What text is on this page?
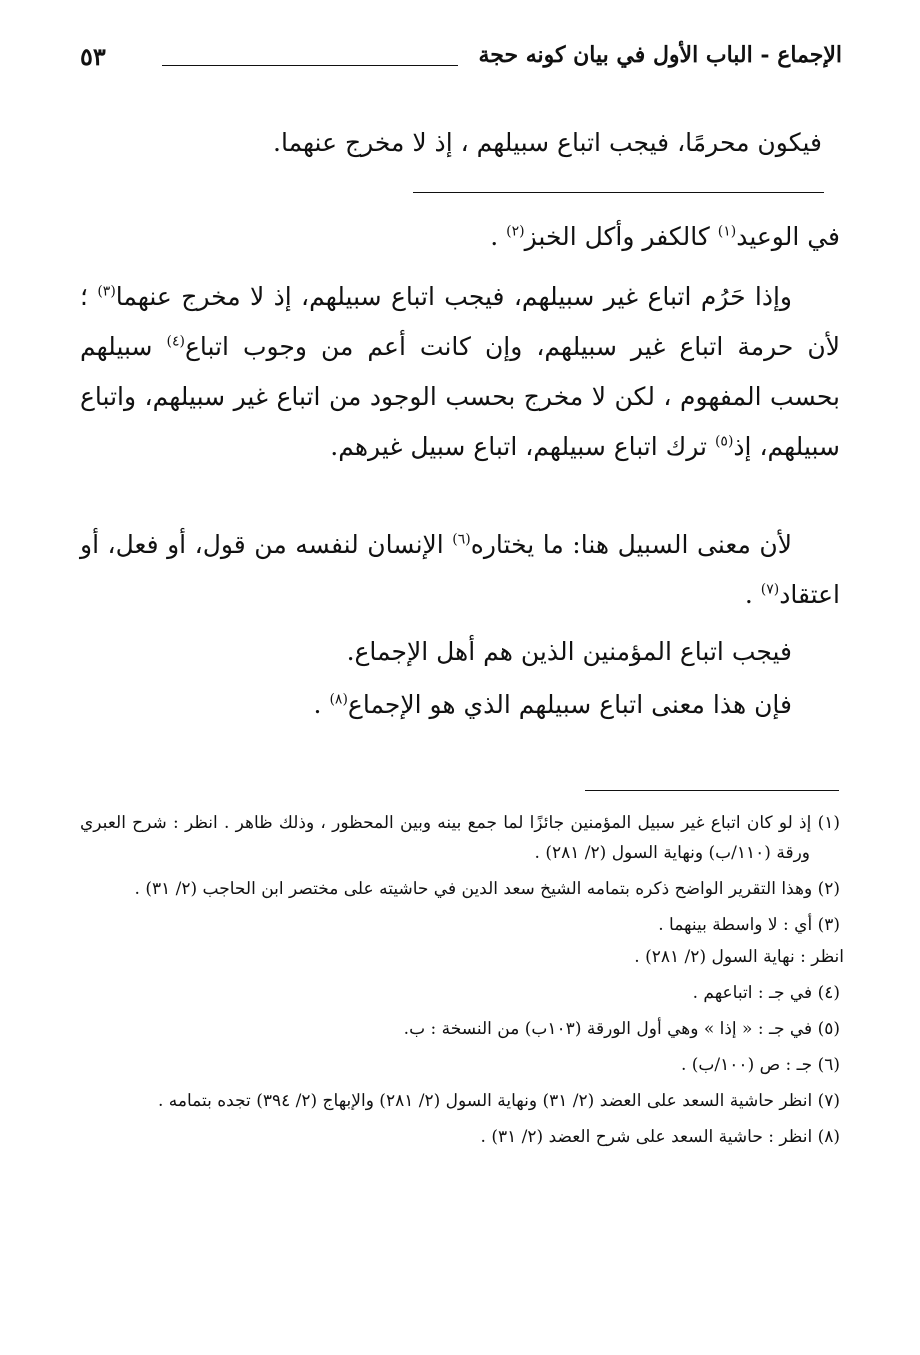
الإجماع - الباب الأول في بيان كونه حجة
٥٣
فيكون محرمًا، فيجب اتباع سبيلهم ، إذ لا مخرج عنهما.
في الوعيد$^{(١)}$ كالكفر وأكل الخبز$^{(٢)}$ .
وإذا حَرُم اتباع غير سبيلهم، فيجب اتباع سبيلهم، إذ لا مخرج عنهما$^{(٣)}$ ؛ لأن حرمة اتباع غير سبيلهم، وإن كانت أعم من وجوب اتباع$^{(٤)}$ سبيلهم بحسب المفهوم ، لكن لا مخرج بحسب الوجود من اتباع غير سبيلهم، واتباع سبيلهم، إذ$^{(٥)}$ ترك اتباع سبيلهم، اتباع سبيل غيرهم.
لأن معنى السبيل هنا: ما يختاره$^{(٦)}$ الإنسان لنفسه من قول، أو فعل، أو اعتقاد$^{(٧)}$ .
فيجب اتباع المؤمنين الذين هم أهل الإجماع.
فإن هذا معنى اتباع سبيلهم الذي هو الإجماع$^{(٨)}$ .
(١) إذ لو كان اتباع غير سبيل المؤمنين جائزًا لما جمع بينه وبين المحظور ، وذلك ظاهر . انظر : شرح العبري ورقة (١١٠/ب) ونهاية السول (٢/ ٢٨١) .
(٢) وهذا التقرير الواضح ذكره بتمامه الشيخ سعد الدين في حاشيته على مختصر ابن الحاجب (٢/ ٣١) .
(٣) أي : لا واسطة بينهما .
انظر : نهاية السول (٢/ ٢٨١) .
(٤) في جـ : اتباعهم .
(٥) في جـ : « إذا » وهي أول الورقة (١٠٣ب) من النسخة : ب.
(٦) جـ : ص (١٠٠/ب) .
(٧) انظر حاشية السعد على العضد (٢/ ٣١) ونهاية السول (٢/ ٢٨١) والإبهاج (٢/ ٣٩٤) تجده بتمامه .
(٨) انظر : حاشية السعد على شرح العضد (٢/ ٣١) .
